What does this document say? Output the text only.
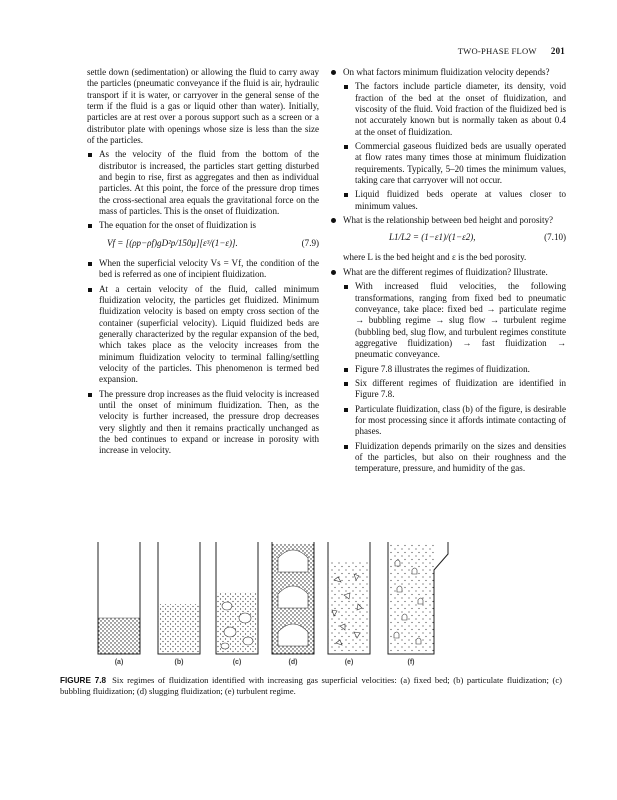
TWO-PHASE FLOW 201

settle down (sedimentation) or allowing the fluid to carry away the particles (pneumatic conveyance if the fluid is air, hydraulic transport if it is water, or carryover in the general sense of the term if the fluid is a gas or liquid other than water). Initially, particles are at rest over a porous support such as a screen or a distributor plate with openings whose size is less than the size of the particles.

As the velocity of the fluid from the bottom of the distributor is increased, the particles start getting disturbed and begin to rise, first as aggregates and then as individual particles. At this point, the force of the pressure drop times the cross-sectional area equals the gravitational force on the mass of particles. This is the onset of fluidization.
The equation for the onset of fluidization is
Vf = [(ρp−ρf)gD²p/150μ][ε³/(1−ε)].	(7.9)
When the superficial velocity Vs = Vf, the condition of the bed is referred as one of incipient fluidization.
At a certain velocity of the fluid, called minimum fluidization velocity, the particles get fluidized. Minimum fluidization velocity is based on empty cross section of the container (superficial velocity). Liquid fluidized beds are generally characterized by the regular expansion of the bed, which takes place as the velocity increases from the minimum fluidization velocity to terminal falling/settling velocity of the particles. This phenomenon is termed bed expansion.
The pressure drop increases as the fluid velocity is increased until the onset of minimum fluidization. Then, as the velocity is further increased, the pressure drop decreases very slightly and then it remains practically unchanged as the bed continues to expand or increase in porosity with increase in velocity.
On what factors minimum fluidization velocity depends?
The factors include particle diameter, its density, void fraction of the bed at the onset of fluidization, and viscosity of the fluid. Void fraction of the fluidized bed is not accurately known but is normally taken as about 0.4 at the onset of fluidization.
Commercial gaseous fluidized beds are usually operated at flow rates many times those at minimum fluidization requirements. Typically, 5–20 times the minimum values, taking care that carryover will not occur.
Liquid fluidized beds operate at values closer to minimum values.
What is the relationship between bed height and porosity?
L1/L2 = (1−ε1)/(1−ε2),	(7.10)

where L is the bed height and ε is the bed porosity.

What are the different regimes of fluidization? Illustrate.
With increased fluid velocities, the following transformations, ranging from fixed bed to pneumatic conveyance, take place: fixed bed → particulate regime → bubbling regime → slug flow → turbulent regime (bubbling bed, slug flow, and turbulent regimes constitute aggregative fluidization) → fast fluidization → pneumatic conveyance.
Figure 7.8 illustrates the regimes of fluidization.
Six different regimes of fluidization are identified in Figure 7.8.
Particulate fluidization, class (b) of the figure, is desirable for most processing since it affords intimate contacting of phases.
Fluidization depends primarily on the sizes and densities of the particles, but also on their roughness and the temperature, pressure, and humidity of the gas.
(a)	(b)	(c)	(d)	(e)	(f)
FIGURE 7.8 Six regimes of fluidization identified with increasing gas superficial velocities: (a) fixed bed; (b) particulate fluidization; (c) bubbling fluidization; (d) slugging fluidization; (e) turbulent regime.
